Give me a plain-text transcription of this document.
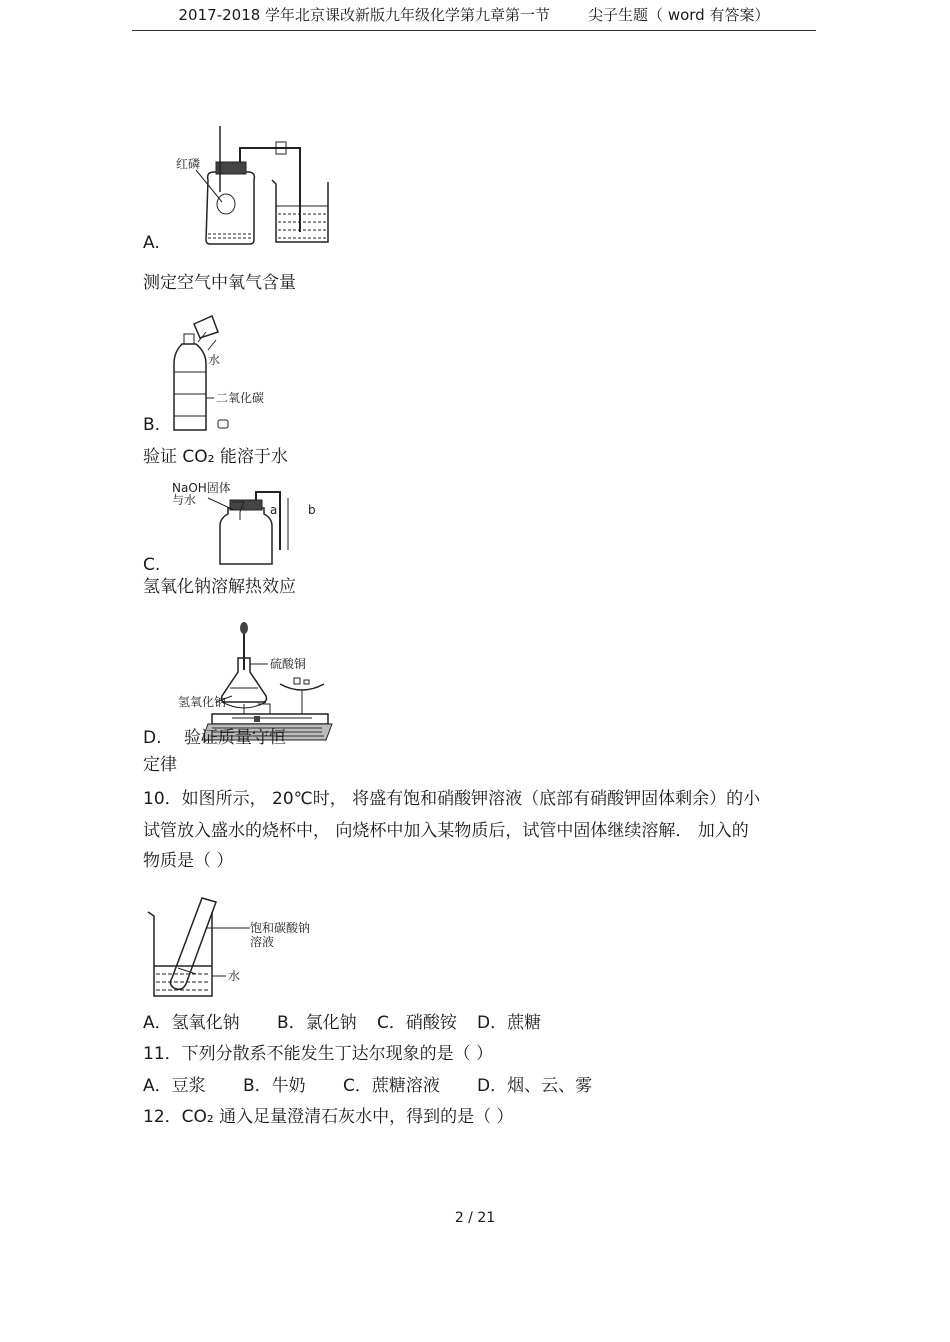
2017-2018 学年北京课改新版九年级化学第九章第一节	尖子生题（ word 有答案）
红磷
A.
测定空气中氧气含量
水
二氧化碳
B.
验证 CO₂ 能溶于水
a	b
NaOH固体
与水
C.
氢氧化钠溶解热效应
硫酸铜
氢氧化钠
D. 验证质量守恒
定律
10．如图所示， 20℃时， 将盛有饱和硝酸钾溶液（底部有硝酸钾固体剩余）的小
试管放入盛水的烧杯中， 向烧杯中加入某物质后，试管中固体继续溶解． 加入的
物质是（ ）
饱和碳酸钠
溶液
水
A．氢氧化钠 B．氯化钠 C．硝酸铵 D．蔗糖
11．下列分散系不能发生丁达尔现象的是（ ）
A．豆浆 B．牛奶 C．蔗糖溶液 D．烟、云、雾
12．CO₂ 通入足量澄清石灰水中，得到的是（ ）
2 / 21
